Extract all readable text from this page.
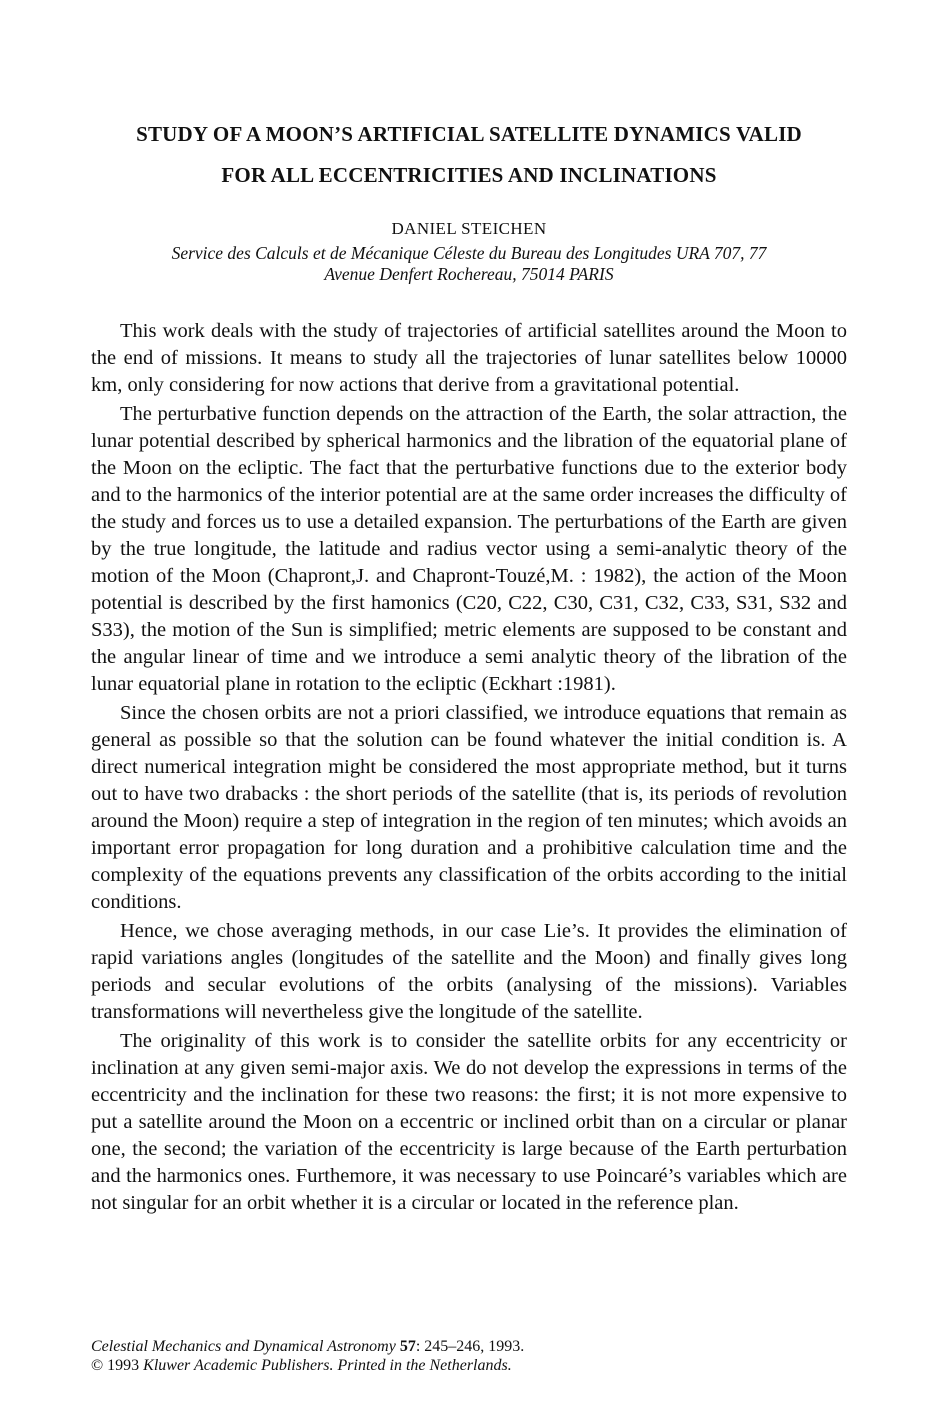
STUDY OF A MOON’S ARTIFICIAL SATELLITE DYNAMICS VALID
FOR ALL ECCENTRICITIES AND INCLINATIONS
DANIEL STEICHEN
Service des Calculs et de Mécanique Céleste du Bureau des Longitudes URA 707, 77
Avenue Denfert Rochereau, 75014 PARIS

This work deals with the study of trajectories of artificial satellites around the Moon to the end of missions. It means to study all the trajectories of lunar satellites below 10000 km, only considering for now actions that derive from a gravitational potential.

The perturbative function depends on the attraction of the Earth, the solar attraction, the lunar potential described by spherical harmonics and the libration of the equatorial plane of the Moon on the ecliptic. The fact that the perturbative functions due to the exterior body and to the harmonics of the interior potential are at the same order increases the difficulty of the study and forces us to use a detailed expansion. The perturbations of the Earth are given by the true longitude, the latitude and radius vector using a semi-analytic theory of the motion of the Moon (Chapront,J. and Chapront-Touzé,M. : 1982), the action of the Moon potential is described by the first hamonics (C20, C22, C30, C31, C32, C33, S31, S32 and S33), the motion of the Sun is simplified; metric elements are supposed to be constant and the angular linear of time and we introduce a semi analytic theory of the libration of the lunar equatorial plane in rotation to the ecliptic (Eckhart :1981).

Since the chosen orbits are not a priori classified, we introduce equations that remain as general as possible so that the solution can be found whatever the initial condition is. A direct numerical integration might be considered the most appropriate method, but it turns out to have two drabacks : the short periods of the satellite (that is, its periods of revolution around the Moon) require a step of integration in the region of ten minutes; which avoids an important error propagation for long duration and a prohibitive calculation time and the complexity of the equations prevents any classification of the orbits according to the initial conditions.

Hence, we chose averaging methods, in our case Lie’s. It provides the elimination of rapid variations angles (longitudes of the satellite and the Moon) and finally gives long periods and secular evolutions of the orbits (analysing of the missions). Variables transformations will nevertheless give the longitude of the satellite.

The originality of this work is to consider the satellite orbits for any eccentricity or inclination at any given semi-major axis. We do not develop the expressions in terms of the eccentricity and the inclination for these two reasons: the first; it is not more expensive to put a satellite around the Moon on a eccentric or inclined orbit than on a circular or planar one, the second; the variation of the eccentricity is large because of the Earth perturbation and the harmonics ones. Furthemore, it was necessary to use Poincaré’s variables which are not singular for an orbit whether it is a circular or located in the reference plan.

Celestial Mechanics and Dynamical Astronomy 57: 245–246, 1993.
© 1993 Kluwer Academic Publishers. Printed in the Netherlands.
